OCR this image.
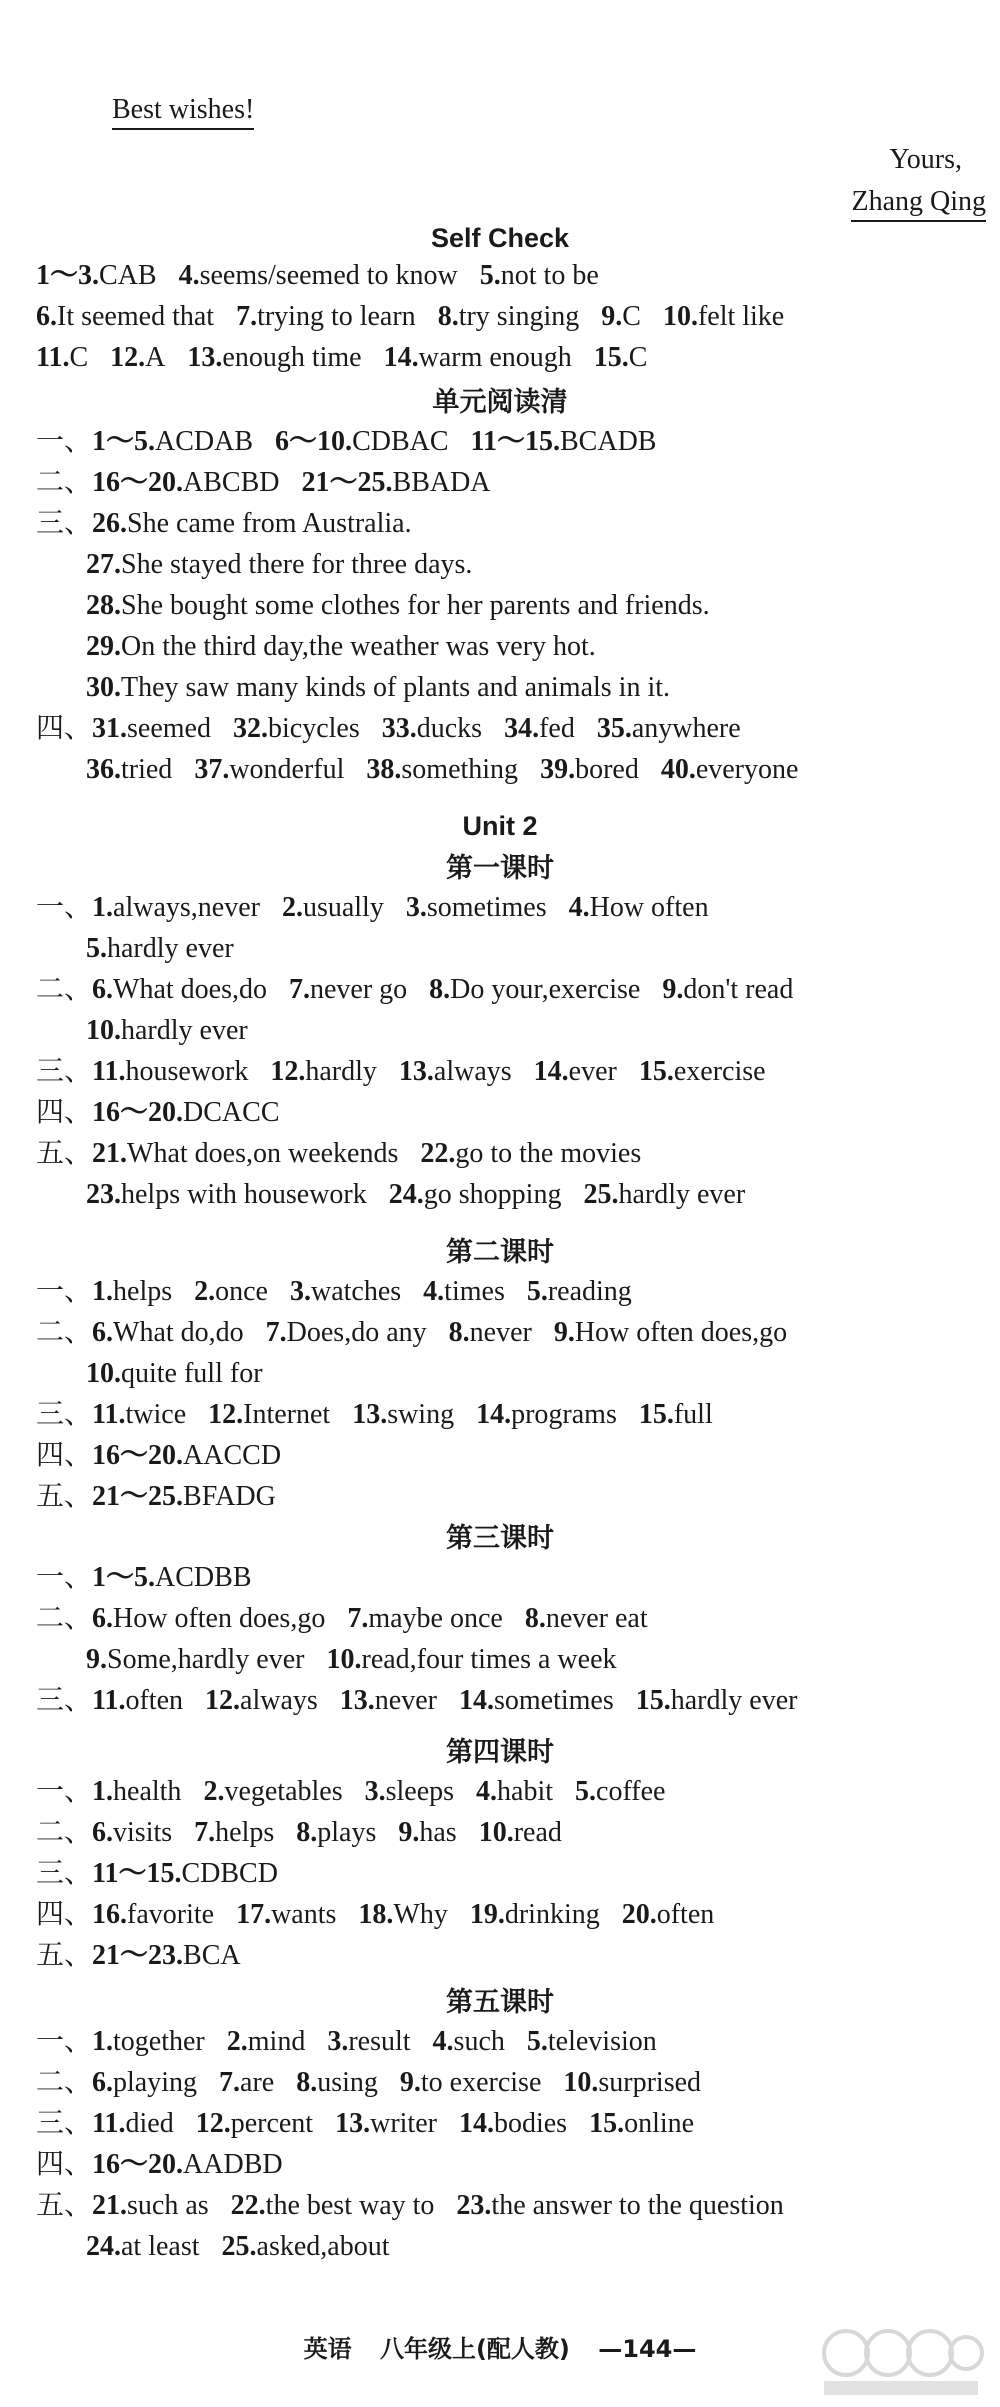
Best wishes!
Yours,
Zhang Qing
Self Check
1～3.CAB 4.seems/seemed to know 5.not to be
6.It seemed that 7.trying to learn 8.try singing 9.C 10.felt like
11.C 12.A 13.enough time 14.warm enough 15.C
单元阅读清
一、1～5.ACDAB 6～10.CDBAC 11～15.BCADB
二、16～20.ABCBD 21～25.BBADA
三、26.She came from Australia.
27.She stayed there for three days.
28.She bought some clothes for her parents and friends.
29.On the third day,the weather was very hot.
30.They saw many kinds of plants and animals in it.
四、31.seemed 32.bicycles 33.ducks 34.fed 35.anywhere
36.tried 37.wonderful 38.something 39.bored 40.everyone
Unit 2
第一课时
一、1.always,never 2.usually 3.sometimes 4.How often
5.hardly ever
二、6.What does,do 7.never go 8.Do your,exercise 9.don't read
10.hardly ever
三、11.housework 12.hardly 13.always 14.ever 15.exercise
四、16～20.DCACC
五、21.What does,on weekends 22.go to the movies
23.helps with housework 24.go shopping 25.hardly ever
第二课时
一、1.helps 2.once 3.watches 4.times 5.reading
二、6.What do,do 7.Does,do any 8.never 9.How often does,go
10.quite full for
三、11.twice 12.Internet 13.swing 14.programs 15.full
四、16～20.AACCD
五、21～25.BFADG
第三课时
一、1～5.ACDBB
二、6.How often does,go 7.maybe once 8.never eat
9.Some,hardly ever 10.read,four times a week
三、11.often 12.always 13.never 14.sometimes 15.hardly ever
第四课时
一、1.health 2.vegetables 3.sleeps 4.habit 5.coffee
二、6.visits 7.helps 8.plays 9.has 10.read
三、11～15.CDBCD
四、16.favorite 17.wants 18.Why 19.drinking 20.often
五、21～23.BCA
第五课时
一、1.together 2.mind 3.result 4.such 5.television
二、6.playing 7.are 8.using 9.to exercise 10.surprised
三、11.died 12.percent 13.writer 14.bodies 15.online
四、16～20.AADBD
五、21.such as 22.the best way to 23.the answer to the question
24.at least 25.asked,about
英语 八年级上(配人教) —144—
